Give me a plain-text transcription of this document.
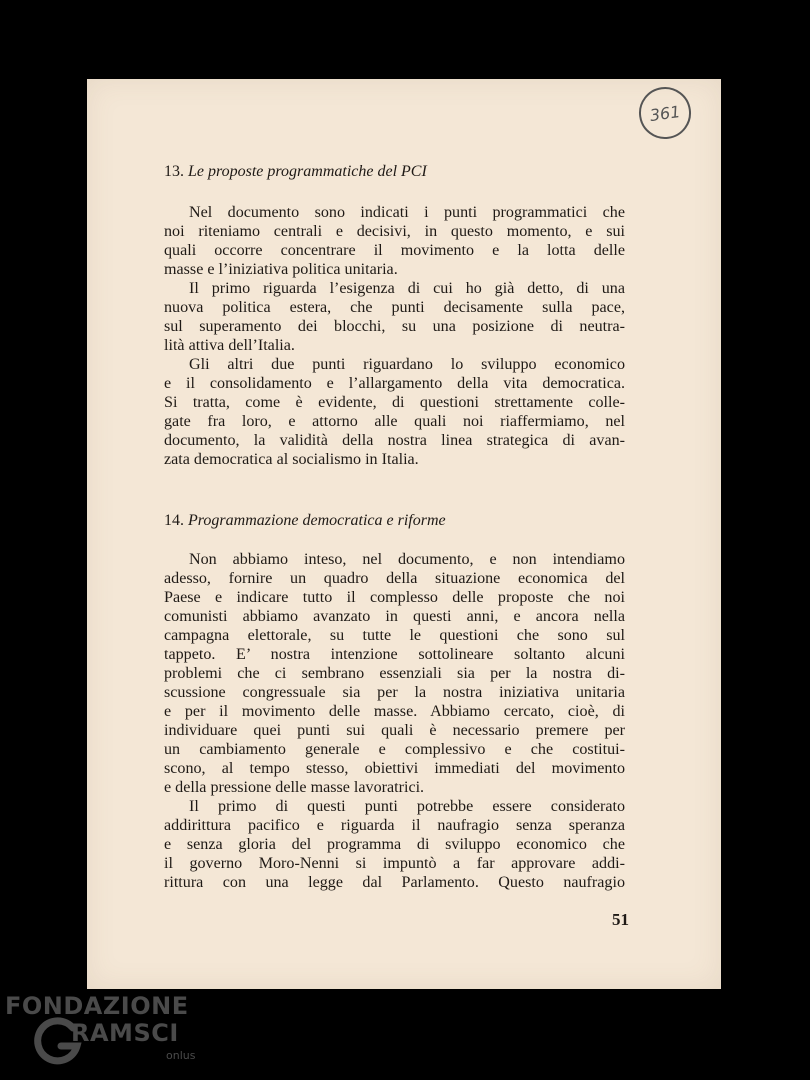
361
13. Le proposte programmatiche del PCI

Nel documento sono indicati i punti programmatici che
noi riteniamo centrali e decisivi, in questo momento, e sui
quali occorre concentrare il movimento e la lotta delle
masse e l’iniziativa politica unitaria.

Il primo riguarda l’esigenza di cui ho già detto, di una
nuova politica estera, che punti decisamente sulla pace,
sul superamento dei blocchi, su una posizione di neutra-
lità attiva dell’Italia.

Gli altri due punti riguardano lo sviluppo economico
e il consolidamento e l’allargamento della vita democratica.
Si tratta, come è evidente, di questioni strettamente colle-
gate fra loro, e attorno alle quali noi riaffermiamo, nel
documento, la validità della nostra linea strategica di avan-
zata democratica al socialismo in Italia.

14. Programmazione democratica e riforme

Non abbiamo inteso, nel documento, e non intendiamo
adesso, fornire un quadro della situazione economica del
Paese e indicare tutto il complesso delle proposte che noi
comunisti abbiamo avanzato in questi anni, e ancora nella
campagna elettorale, su tutte le questioni che sono sul
tappeto. E’ nostra intenzione sottolineare soltanto alcuni
problemi che ci sembrano essenziali sia per la nostra di-
scussione congressuale sia per la nostra iniziativa unitaria
e per il movimento delle masse. Abbiamo cercato, cioè, di
individuare quei punti sui quali è necessario premere per
un cambiamento generale e complessivo e che costitui-
scono, al tempo stesso, obiettivi immediati del movimento
e della pressione delle masse lavoratrici.

Il primo di questi punti potrebbe essere considerato
addirittura pacifico e riguarda il naufragio senza speranza
e senza gloria del programma di sviluppo economico che
il governo Moro-Nenni si impuntò a far approvare addi-
rittura con una legge dal Parlamento. Questo naufragio

51
FONDAZIONE
RAMSCI
onlus
